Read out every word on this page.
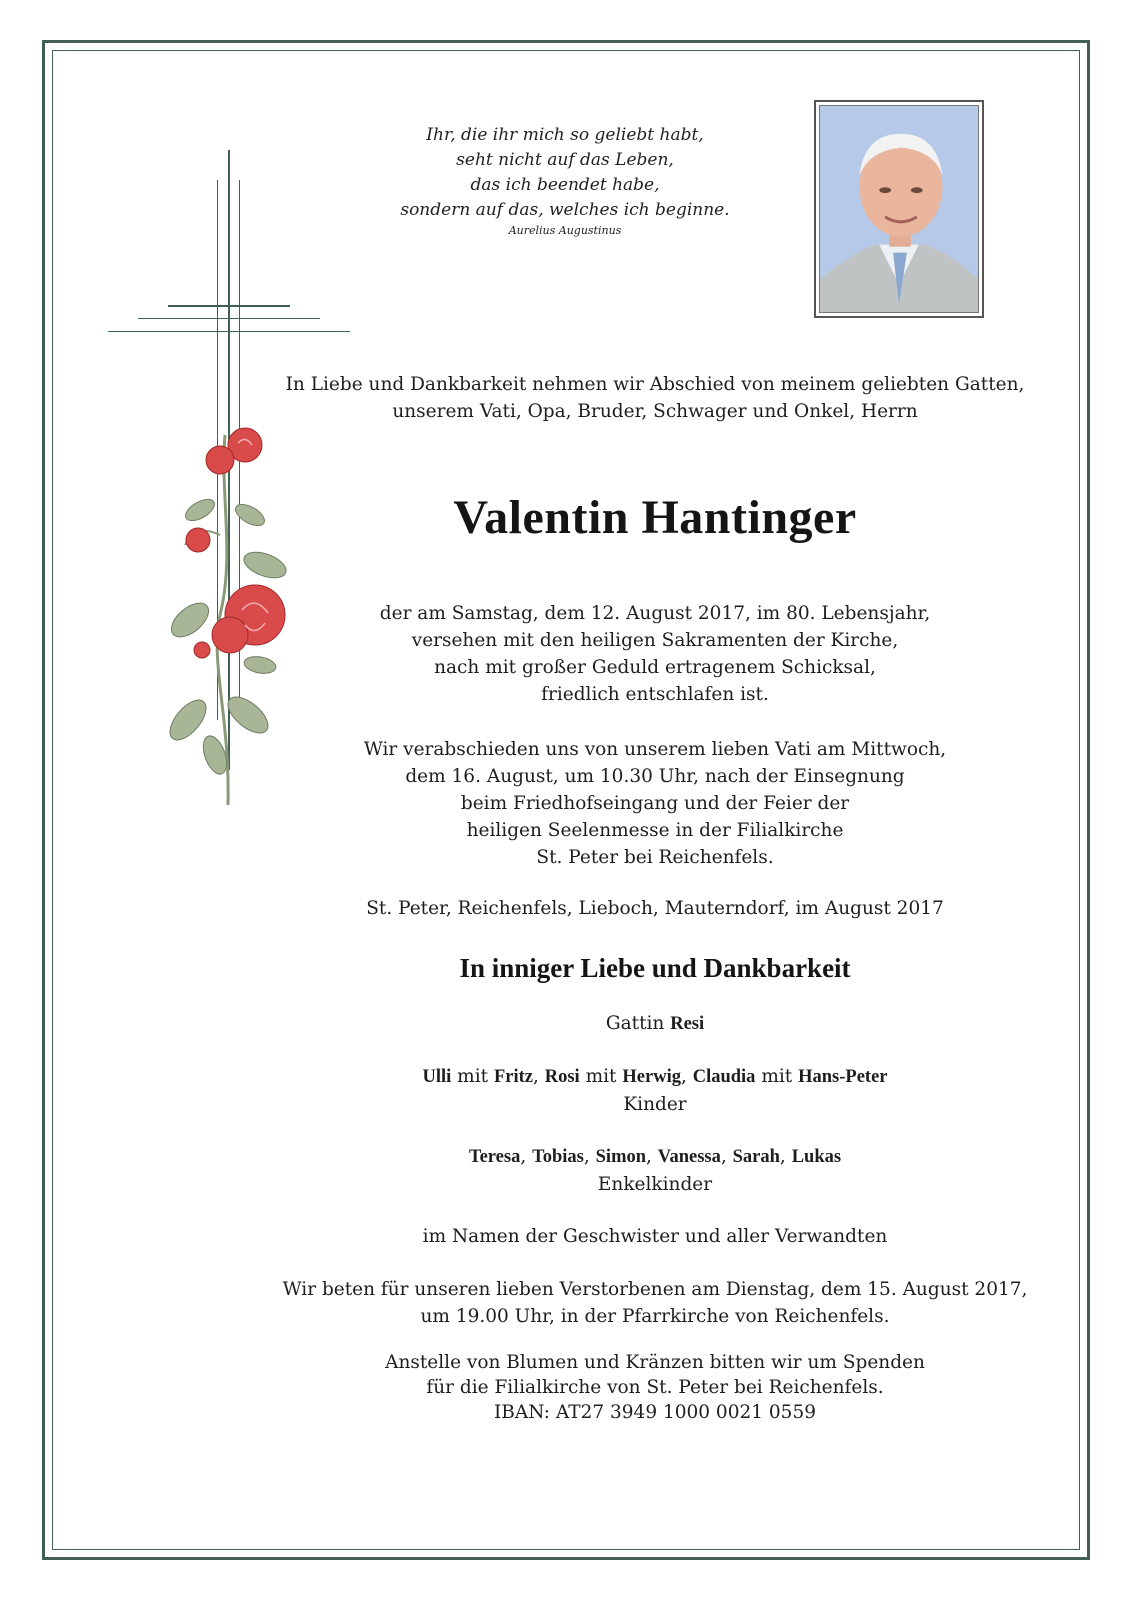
Ihr, die ihr mich so geliebt habt,
seht nicht auf das Leben,
das ich beendet habe,
sondern auf das, welches ich beginne.
Aurelius Augustinus
In Liebe und Dankbarkeit nehmen wir Abschied von meinem geliebten Gatten,
unserem Vati, Opa, Bruder, Schwager und Onkel, Herrn
Valentin Hantinger
der am Samstag, dem 12. August 2017, im 80. Lebensjahr,
versehen mit den heiligen Sakramenten der Kirche,
nach mit großer Geduld ertragenem Schicksal,
friedlich entschlafen ist.
Wir verabschieden uns von unserem lieben Vati am Mittwoch,
dem 16. August, um 10.30 Uhr, nach der Einsegnung
beim Friedhofseingang und der Feier der
heiligen Seelenmesse in der Filialkirche
St. Peter bei Reichenfels.
St. Peter, Reichenfels, Lieboch, Mauterndorf, im August 2017
In inniger Liebe und Dankbarkeit
Gattin Resi
Ulli mit Fritz, Rosi mit Herwig, Claudia mit Hans-Peter
Kinder
Teresa, Tobias, Simon, Vanessa, Sarah, Lukas
Enkelkinder
im Namen der Geschwister und aller Verwandten
Wir beten für unseren lieben Verstorbenen am Dienstag, dem 15. August 2017,
um 19.00 Uhr, in der Pfarrkirche von Reichenfels.
Anstelle von Blumen und Kränzen bitten wir um Spenden
für die Filialkirche von St. Peter bei Reichenfels.
IBAN: AT27 3949 1000 0021 0559
